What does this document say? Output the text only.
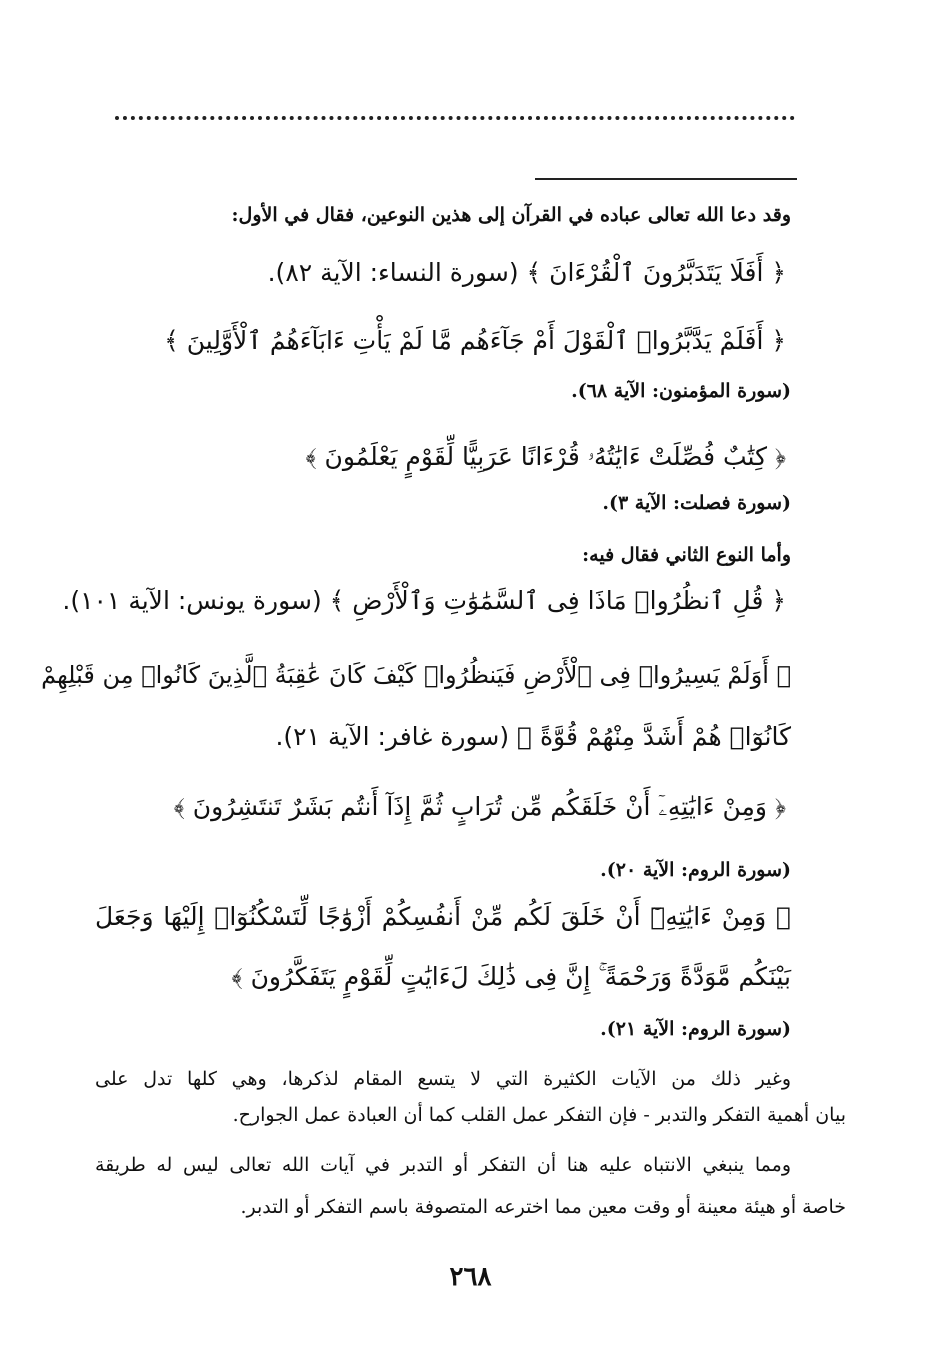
وقد دعا الله تعالى عباده في القرآن إلى هذين النوعين، فقال في الأول:
﴿ أَفَلَا يَتَدَبَّرُونَ ٱلْقُرْءَانَ ﴾ (سورة النساء: الآية ٨٢).
﴿ أَفَلَمْ يَدَّبَّرُوا۟ ٱلْقَوْلَ أَمْ جَآءَهُم مَّا لَمْ يَأْتِ ءَابَآءَهُمُ ٱلْأَوَّلِينَ ﴾
(سورة المؤمنون: الآية ٦٨).
﴿ كِتَٰبٌ فُصِّلَتْ ءَايَٰتُهُۥ قُرْءَانًا عَرَبِيًّا لِّقَوْمٍ يَعْلَمُونَ ﴾
(سورة فصلت: الآية ٣).
وأما النوع الثاني فقال فيه:
﴿ قُلِ ٱنظُرُوا۟ مَاذَا فِى ٱلسَّمَٰوَٰتِ وَٱلْأَرْضِ ﴾ (سورة يونس: الآية ١٠١).
﴿ أَوَلَمْ يَسِيرُوا۟ فِى ٱلْأَرْضِ فَيَنظُرُوا۟ كَيْفَ كَانَ عَٰقِبَةُ ٱلَّذِينَ كَانُوا۟ مِن قَبْلِهِمْ
كَانُوٓا۟ هُمْ أَشَدَّ مِنْهُمْ قُوَّةً ﴾ (سورة غافر: الآية ٢١).
﴿ وَمِنْ ءَايَٰتِهِۦٓ أَنْ خَلَقَكُم مِّن تُرَابٍ ثُمَّ إِذَآ أَنتُم بَشَرٌ تَنتَشِرُونَ ﴾
(سورة الروم: الآية ٢٠).
﴿ وَمِنْ ءَايَٰتِهِۦٓ أَنْ خَلَقَ لَكُم مِّنْ أَنفُسِكُمْ أَزْوَٰجًا لِّتَسْكُنُوٓا۟ إِلَيْهَا وَجَعَلَ
بَيْنَكُم مَّوَدَّةً وَرَحْمَةً ۚ إِنَّ فِى ذَٰلِكَ لَءَايَٰتٍ لِّقَوْمٍ يَتَفَكَّرُونَ ﴾
(سورة الروم: الآية ٢١).
وغير ذلك من الآيات الكثيرة التي لا يتسع المقام لذكرها، وهي كلها تدل على
بيان أهمية التفكر والتدبر - فإن التفكر عمل القلب كما أن العبادة عمل الجوارح.
ومما ينبغي الانتباه عليه هنا أن التفكر أو التدبر في آيات الله تعالى ليس له طريقة
خاصة أو هيئة معينة أو وقت معين مما اخترعه المتصوفة باسم التفكر أو التدبر.
٢٦٨
